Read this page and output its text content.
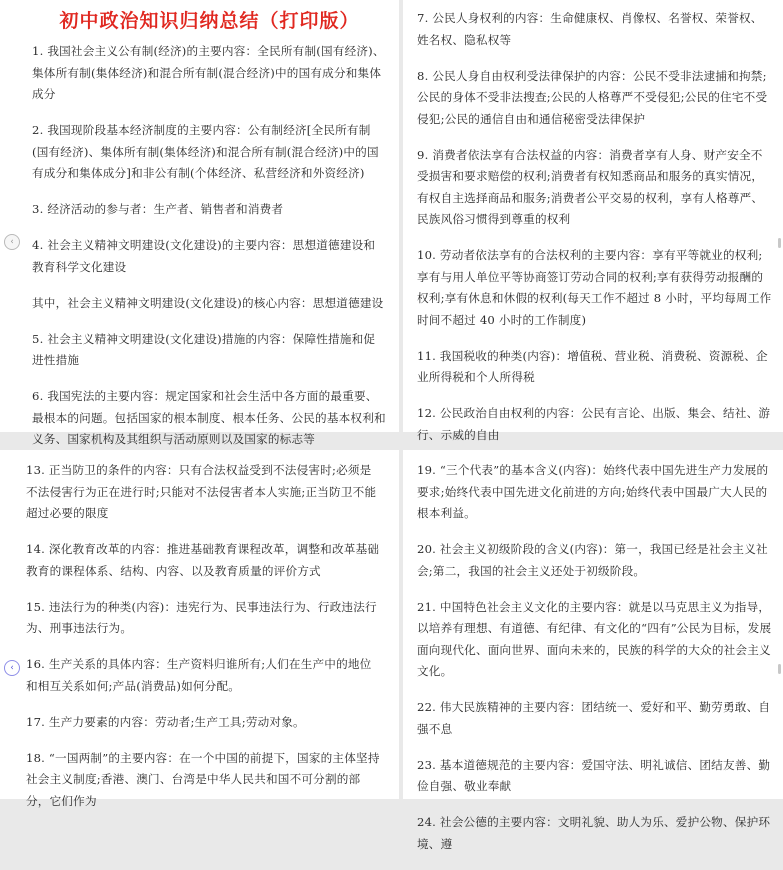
初中政治知识归纳总结（打印版）
1. 我国社会主义公有制(经济)的主要内容：全民所有制(国有经济)、集体所有制(集体经济)和混合所有制(混合经济)中的国有成分和集体成分
2. 我国现阶段基本经济制度的主要内容：公有制经济[全民所有制(国有经济)、集体所有制(集体经济)和混合所有制(混合经济)中的国有成分和集体成分]和非公有制(个体经济、私营经济和外资经济)
3. 经济活动的参与者：生产者、销售者和消费者
4. 社会主义精神文明建设(文化建设)的主要内容：思想道德建设和教育科学文化建设
其中，社会主义精神文明建设(文化建设)的核心内容：思想道德建设
5. 社会主义精神文明建设(文化建设)措施的内容：保障性措施和促进性措施
6. 我国宪法的主要内容：规定国家和社会生活中各方面的最重要、最根本的问题。包括国家的根本制度、根本任务、公民的基本权利和义务、国家机构及其组织与活动原则以及国家的标志等
7. 公民人身权利的内容：生命健康权、肖像权、名誉权、荣誉权、姓名权、隐私权等
8. 公民人身自由权利受法律保护的内容：公民不受非法逮捕和拘禁;公民的身体不受非法搜查;公民的人格尊严不受侵犯;公民的住宅不受侵犯;公民的通信自由和通信秘密受法律保护
9. 消费者依法享有合法权益的内容：消费者享有人身、财产安全不受损害和要求赔偿的权利;消费者有权知悉商品和服务的真实情况，有权自主选择商品和服务;消费者公平交易的权利，享有人格尊严、民族风俗习惯得到尊重的权利
10. 劳动者依法享有的合法权利的主要内容：享有平等就业的权利;享有与用人单位平等协商签订劳动合同的权利;享有获得劳动报酬的权利;享有休息和休假的权利(每天工作不超过 8 小时，平均每周工作时间不超过 40 小时的工作制度)
11. 我国税收的种类(内容)：增值税、营业税、消费税、资源税、企业所得税和个人所得税
12. 公民政治自由权利的内容：公民有言论、出版、集会、结社、游行、示威的自由
13. 正当防卫的条件的内容：只有合法权益受到不法侵害时;必须是不法侵害行为正在进行时;只能对不法侵害者本人实施;正当防卫不能超过必要的限度
14. 深化教育改革的内容：推进基础教育课程改革，调整和改革基础教育的课程体系、结构、内容、以及教育质量的评价方式
15. 违法行为的种类(内容)：违宪行为、民事违法行为、行政违法行为、刑事违法行为。
16. 生产关系的具体内容：生产资料归谁所有;人们在生产中的地位和相互关系如何;产品(消费品)如何分配。
17. 生产力要素的内容：劳动者;生产工具;劳动对象。
18. “一国两制”的主要内容：在一个中国的前提下，国家的主体坚持社会主义制度;香港、澳门、台湾是中华人民共和国不可分割的部分，它们作为
19. “三个代表”的基本含义(内容)：始终代表中国先进生产力发展的要求;始终代表中国先进文化前进的方向;始终代表中国最广大人民的根本利益。
20. 社会主义初级阶段的含义(内容)：第一，我国已经是社会主义社会;第二，我国的社会主义还处于初级阶段。
21. 中国特色社会主义文化的主要内容：就是以马克思主义为指导，以培养有理想、有道德、有纪律、有文化的“四有”公民为目标，发展面向现代化、面向世界、面向未来的，民族的科学的大众的社会主义文化。
22. 伟大民族精神的主要内容：团结统一、爱好和平、勤劳勇敢、自强不息
23. 基本道德规范的主要内容：爱国守法、明礼诚信、团结友善、勤俭自强、敬业奉献
24. 社会公德的主要内容：文明礼貌、助人为乐、爱护公物、保护环境、遵
‹
‹
